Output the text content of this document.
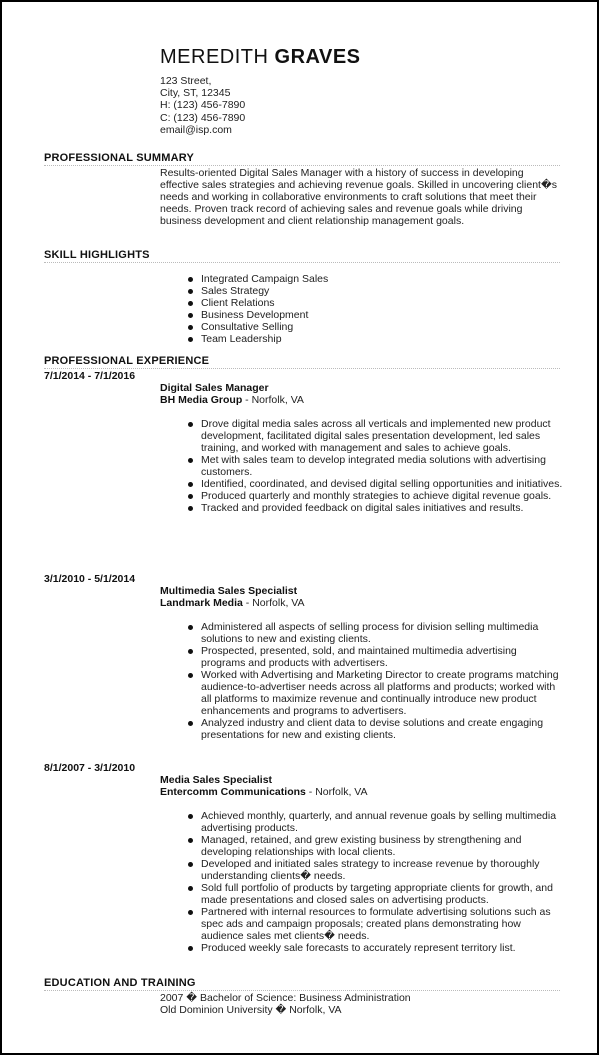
MEREDITH GRAVES
123 Street,
City, ST, 12345
H: (123) 456-7890
C: (123) 456-7890
email@isp.com
PROFESSIONAL SUMMARY
Results-oriented Digital Sales Manager with a history of success in developing effective sales strategies and achieving revenue goals. Skilled in uncovering client�s needs and working in collaborative environments to craft solutions that meet their needs. Proven track record of achieving sales and revenue goals while driving business development and client relationship management goals.
SKILL HIGHLIGHTS
Integrated Campaign Sales
Sales Strategy
Client Relations
Business Development
Consultative Selling
Team Leadership
PROFESSIONAL EXPERIENCE
7/1/2014 - 7/1/2016
Digital Sales Manager
BH Media Group - Norfolk, VA
Drove digital media sales across all verticals and implemented new product development, facilitated digital sales presentation development, led sales training, and worked with management and sales to achieve goals.
Met with sales team to develop integrated media solutions with advertising customers.
Identified, coordinated, and devised digital selling opportunities and initiatives.
Produced quarterly and monthly strategies to achieve digital revenue goals.
Tracked and provided feedback on digital sales initiatives and results.
3/1/2010 - 5/1/2014
Multimedia Sales Specialist
Landmark Media - Norfolk, VA
Administered all aspects of selling process for division selling multimedia solutions to new and existing clients.
Prospected, presented, sold, and maintained multimedia advertising programs and products with advertisers.
Worked with Advertising and Marketing Director to create programs matching audience-to-advertiser needs across all platforms and products; worked with all platforms to maximize revenue and continually introduce new product enhancements and programs to advertisers.
Analyzed industry and client data to devise solutions and create engaging presentations for new and existing clients.
8/1/2007 - 3/1/2010
Media Sales Specialist
Entercomm Communications - Norfolk, VA
Achieved monthly, quarterly, and annual revenue goals by selling multimedia advertising products.
Managed, retained, and grew existing business by strengthening and developing relationships with local clients.
Developed and initiated sales strategy to increase revenue by thoroughly understanding clients� needs.
Sold full portfolio of products by targeting appropriate clients for growth, and made presentations and closed sales on advertising products.
Partnered with internal resources to formulate advertising solutions such as spec ads and campaign proposals; created plans demonstrating how audience sales met clients� needs.
Produced weekly sale forecasts to accurately represent territory list.
EDUCATION AND TRAINING
2007 � Bachelor of Science: Business Administration
Old Dominion University � Norfolk, VA
